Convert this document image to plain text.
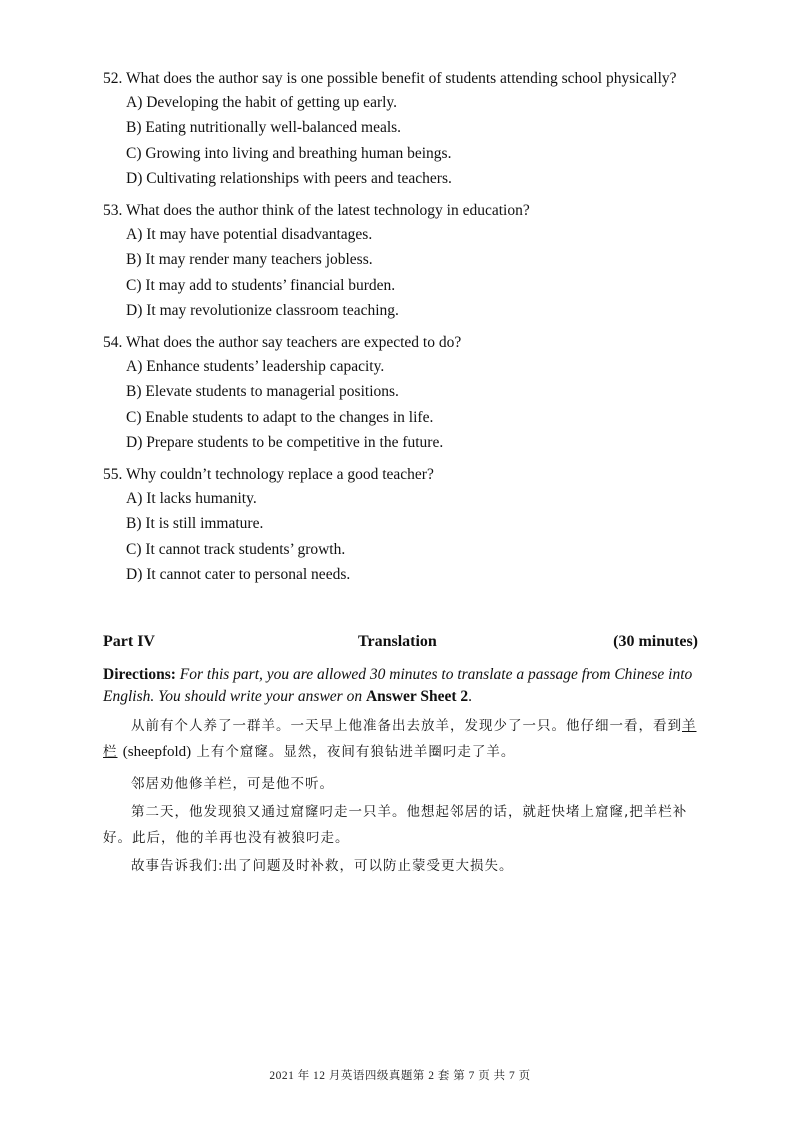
52. What does the author say is one possible benefit of students attending school physically?
A) Developing the habit of getting up early.
B) Eating nutritionally well-balanced meals.
C) Growing into living and breathing human beings.
D) Cultivating relationships with peers and teachers.
53. What does the author think of the latest technology in education?
A) It may have potential disadvantages.
B) It may render many teachers jobless.
C) It may add to students’ financial burden.
D) It may revolutionize classroom teaching.
54. What does the author say teachers are expected to do?
A) Enhance students’ leadership capacity.
B) Elevate students to managerial positions.
C) Enable students to adapt to the changes in life.
D) Prepare students to be competitive in the future.
55. Why couldn’t technology replace a good teacher?
A) It lacks humanity.
B) It is still immature.
C) It cannot track students’ growth.
D) It cannot cater to personal needs.
Part IV	Translation	(30 minutes)
Directions: For this part, you are allowed 30 minutes to translate a passage from Chinese into English. You should write your answer on Answer Sheet 2.
从前有个人养了一群羊。一天早上他准备出去放羊，发现少了一只。他仔细一看，看到羊栏 (sheepfold) 上有个窟窿。显然，夜间有狼钻进羊圈叼走了羊。
邻居劝他修羊栏，可是他不听。
第二天，他发现狼又通过窟窿叼走一只羊。他想起邻居的话，就赶快堵上窟窿,把羊栏补好。此后，他的羊再也没有被狼叼走。
故事告诉我们:出了问题及时补救，可以防止蒙受更大损失。
2021 年 12 月英语四级真题第 2 套 第 7 页 共 7 页
